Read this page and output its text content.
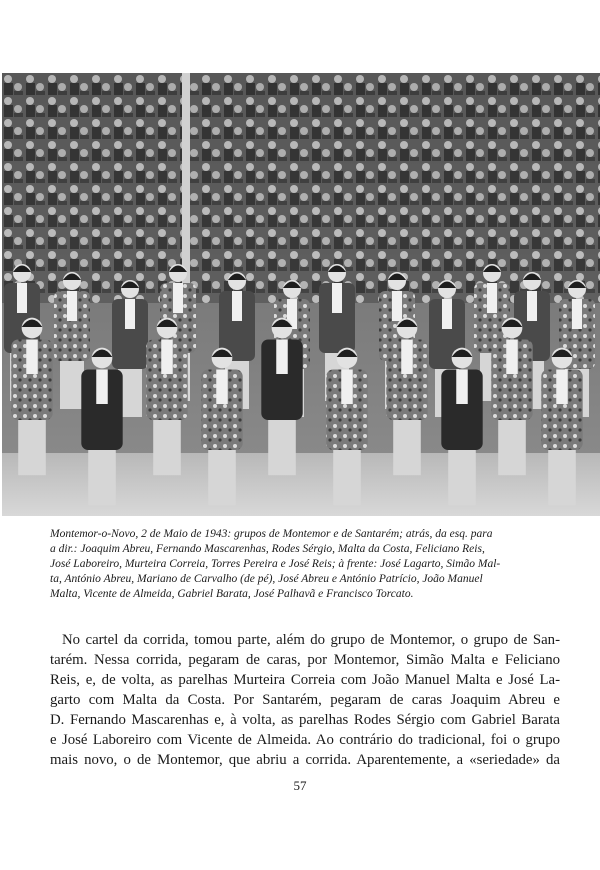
Montemor-o-Novo, 2 de Maio de 1943: grupos de Montemor e de Santarém; atrás, da esq. para
a dir.: Joaquim Abreu, Fernando Mascarenhas, Rodes Sérgio, Malta da Costa, Feliciano Reis,
José Laboreiro, Murteira Correia, Torres Pereira e José Reis; à frente: José Lagarto, Simão Mal-
ta, António Abreu, Mariano de Carvalho (de pé), José Abreu e António Patrício, João Manuel
Malta, Vicente de Almeida, Gabriel Barata, José Palhavã e Francisco Torcato.
No cartel da corrida, tomou parte, além do grupo de Montemor, o grupo de San-
tarém. Nessa corrida, pegaram de caras, por Montemor, Simão Malta e Feliciano
Reis, e, de volta, as parelhas Murteira Correia com João Manuel Malta e José La-
garto com Malta da Costa. Por Santarém, pegaram de caras Joaquim Abreu e
D. Fernando Mascarenhas e, à volta, as parelhas Rodes Sérgio com Gabriel Barata
e José Laboreiro com Vicente de Almeida. Ao contrário do tradicional, foi o grupo
mais novo, o de Montemor, que abriu a corrida. Aparentemente, a «seriedade» da
57
